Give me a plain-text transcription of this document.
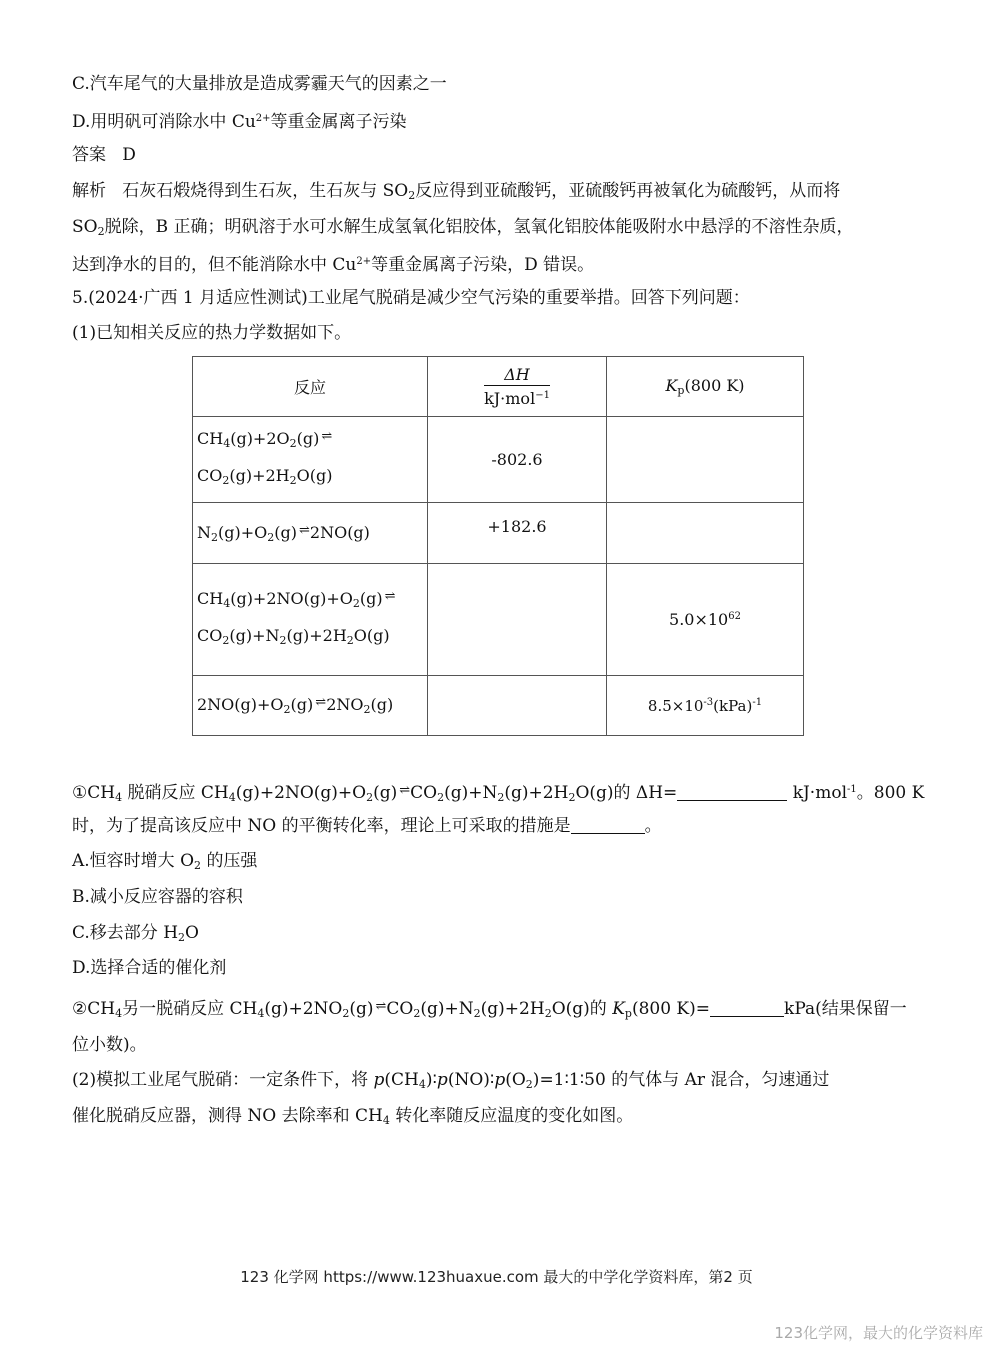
C.汽车尾气的大量排放是造成雾霾天气的因素之一
D.用明矾可消除水中 $Cu^{2+}$等重金属离子污染
答案 D
解析 石灰石煅烧得到生石灰，生石灰与 $SO_2$反应得到亚硫酸钙，亚硫酸钙再被氧化为硫酸钙，从而将
$SO_2$脱除，B 正确；明矾溶于水可水解生成氢氧化铝胶体，氢氧化铝胶体能吸附水中悬浮的不溶性杂质，
达到净水的目的，但不能消除水中 $Cu^{2+}$等重金属离子污染，D 错误。
5.(2024·广西 1 月适应性测试)工业尾气脱硝是减少空气污染的重要举措。回答下列问题：
(1)已知相关反应的热力学数据如下。
反应	$\frac{\Delta H}{kJ\cdot mol^{-1}}$	$K_p(800$ K)
$CH_4(g)+2O_2(g)$ ⇌
$CO_2(g)+2H_2O(g)$	-802.6	
$N_2(g)+O_2(g)$ ⇌ 2NO(g)	+182.6	
$CH_4(g)+2NO(g)+O_2(g)$ ⇌
$CO_2(g)+N_2(g)+2H_2O(g)$		$5.0\times 10^{62}$
$2NO(g)+O_2(g)$ ⇌ $2NO_2(g)$		$8.5\times 10^{-3}(kPa)^{-1}$
$①CH_4$ 脱硝反应 $CH_4(g)+2NO(g)+O_2(g)$ ⇌ $CO_2(g)+N_2(g)+2H_2O(g)$的 ΔH=	kJ·mol$^{-1}$。800 K
时，为了提高该反应中 NO 的平衡转化率，理论上可采取的措施是	。
A.恒容时增大 $O_2$ 的压强
B.减小反应容器的容积
C.移去部分 $H_2O$
D.选择合适的催化剂
$②CH_4$另一脱硝反应 $CH_4(g)+2NO_2(g)$ ⇌ $CO_2(g)+N_2(g)+2H_2O(g)$的 $K_p(800$ K)=	kPa(结果保留一
位小数)。
(2)模拟工业尾气脱硝：一定条件下，将 $p(CH_4)∶p(NO)∶p(O_2)=1∶1∶50$ 的气体与 Ar 混合，匀速通过
催化脱硝反应器，测得 NO 去除率和 $CH_4$ 转化率随反应温度的变化如图。
123 化学网 https://www.123huaxue.com 最大的中学化学资料库，第2 页
123化学网，最大的化学资料库
